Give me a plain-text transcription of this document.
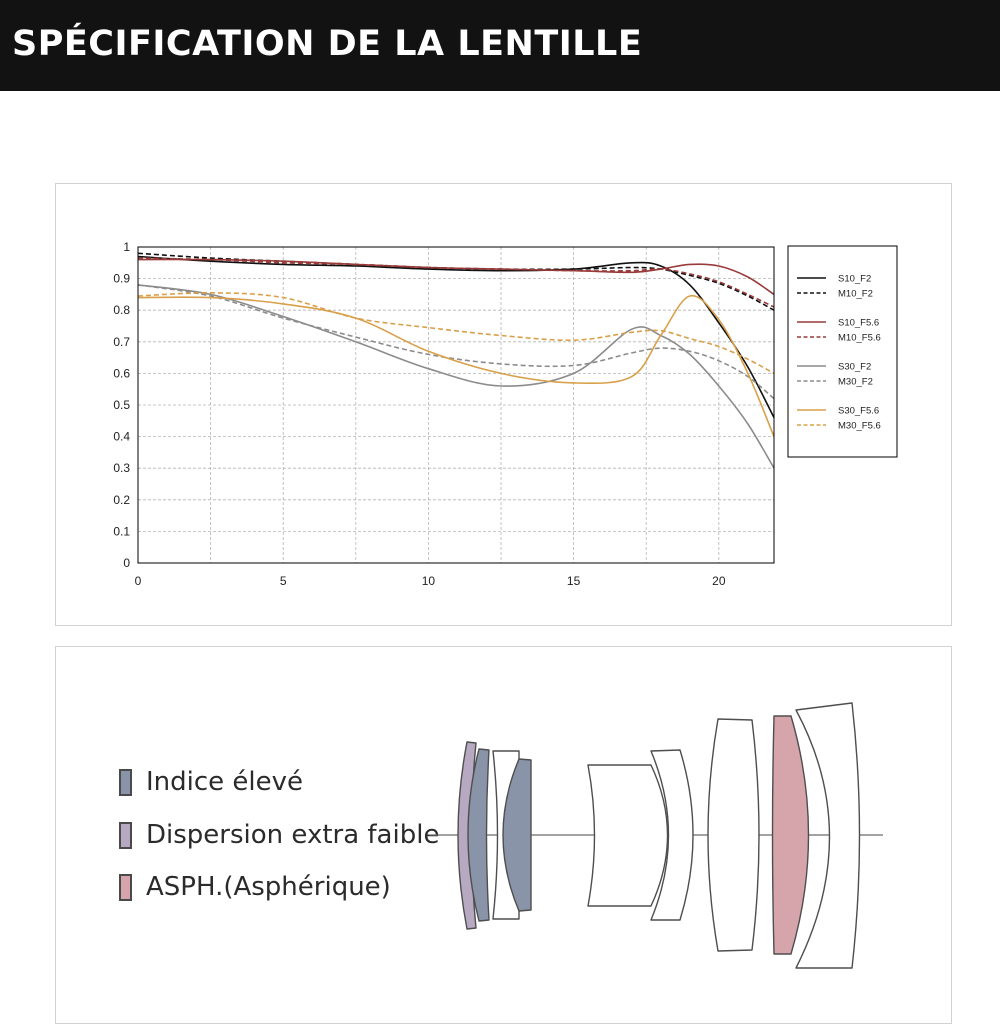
SPÉCIFICATION DE LA LENTILLE
0
0.1
0.2
0.3
0.4
0.5
0.6
0.7
0.8
0.9
1
0	5	10	15	20
S10_F2
M10_F2
S10_F5.6
M10_F5.6
S30_F2
M30_F2
S30_F5.6
M30_F5.6
Indice élevé
Dispersion extra faible
ASPH.(Asphérique)
